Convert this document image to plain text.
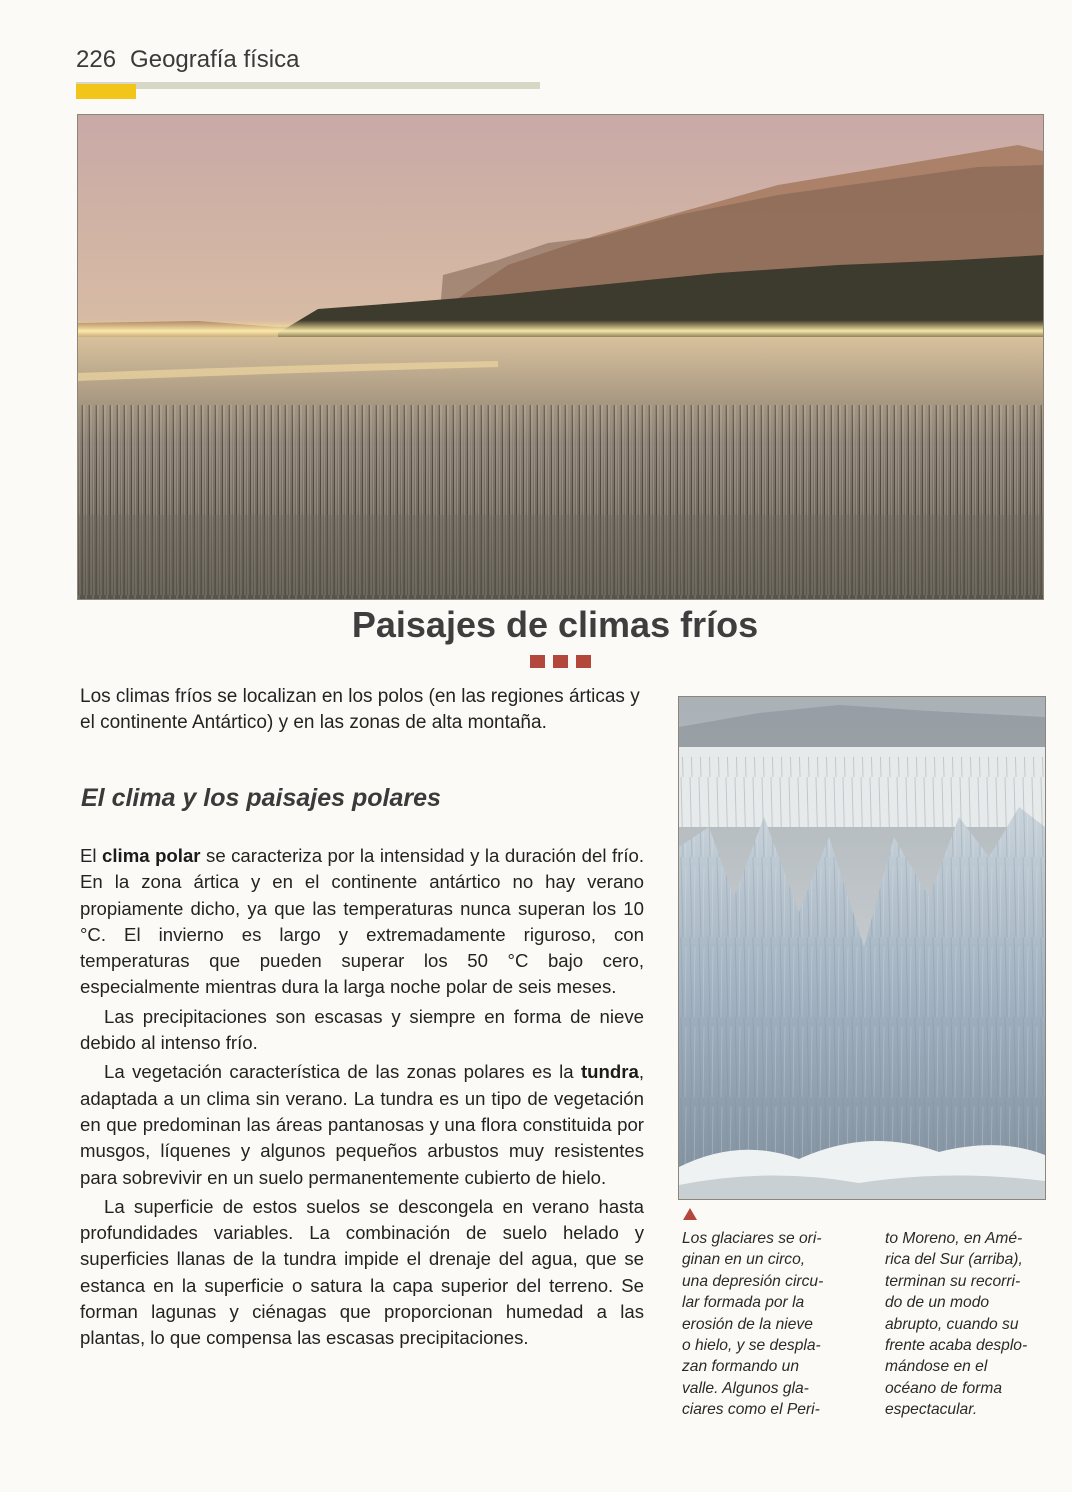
226 Geografía física
Paisajes de climas fríos

Los climas fríos se localizan en los polos (en las regiones árticas y el continente Antártico) y en las zonas de alta montaña.

El clima y los paisajes polares

El clima polar se caracteriza por la intensidad y la duración del frío. En la zona ártica y en el continente antártico no hay verano propiamente dicho, ya que las temperaturas nunca superan los 10 °C. El invierno es largo y extremadamente riguroso, con temperaturas que pueden superar los 50 °C bajo cero, especialmente mientras dura la larga noche polar de seis meses.

Las precipitaciones son escasas y siempre en forma de nieve debido al intenso frío.

La vegetación característica de las zonas polares es la tundra, adaptada a un clima sin verano. La tundra es un tipo de vegetación en que predominan las áreas pantanosas y una flora constituida por musgos, líquenes y algunos pequeños arbustos muy resistentes para sobrevivir en un suelo permanentemente cubierto de hielo.

La superficie de estos suelos se descongela en verano hasta profundidades variables. La combinación de suelo helado y superficies llanas de la tundra impide el drenaje del agua, que se estanca en la superficie o satura la capa superior del terreno. Se forman lagunas y ciénagas que proporcionan humedad a las plantas, lo que compensa las escasas precipitaciones.

Los glaciares se ori-
ginan en un circo,
una depresión circu-
lar formada por la
erosión de la nieve
o hielo, y se despla-
zan formando un
valle. Algunos gla-
ciares como el Peri-

to Moreno, en Amé-
rica del Sur (arriba),
terminan su recorri-
do de un modo
abrupto, cuando su
frente acaba desplo-
mándose en el
océano de forma
espectacular.
